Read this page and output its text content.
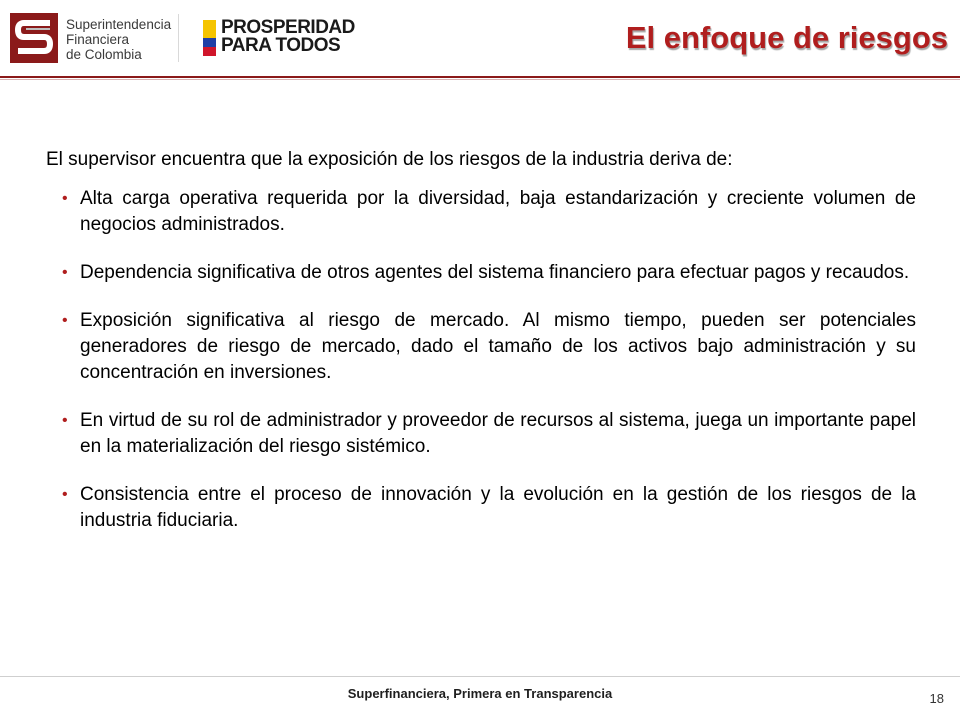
Superintendencia
Financiera
de Colombia
PROSPERIDAD
PARA TODOS	El enfoque de riesgos

El supervisor encuentra que la exposición de los riesgos de la industria deriva de:

• Alta carga operativa requerida por la diversidad, baja estandarización y creciente volumen de negocios administrados.
• Dependencia significativa de otros agentes del sistema financiero para efectuar pagos y recaudos.
• Exposición significativa al riesgo de mercado. Al mismo tiempo, pueden ser potenciales generadores de riesgo de mercado, dado el tamaño de los activos bajo administración y su concentración en inversiones.
• En virtud de su rol de administrador y proveedor de recursos al sistema, juega un importante papel en la materialización del riesgo sistémico.
• Consistencia entre el proceso de innovación y la evolución en la gestión de los riesgos de la industria fiduciaria.
Superfinanciera, Primera en Transparencia	18
